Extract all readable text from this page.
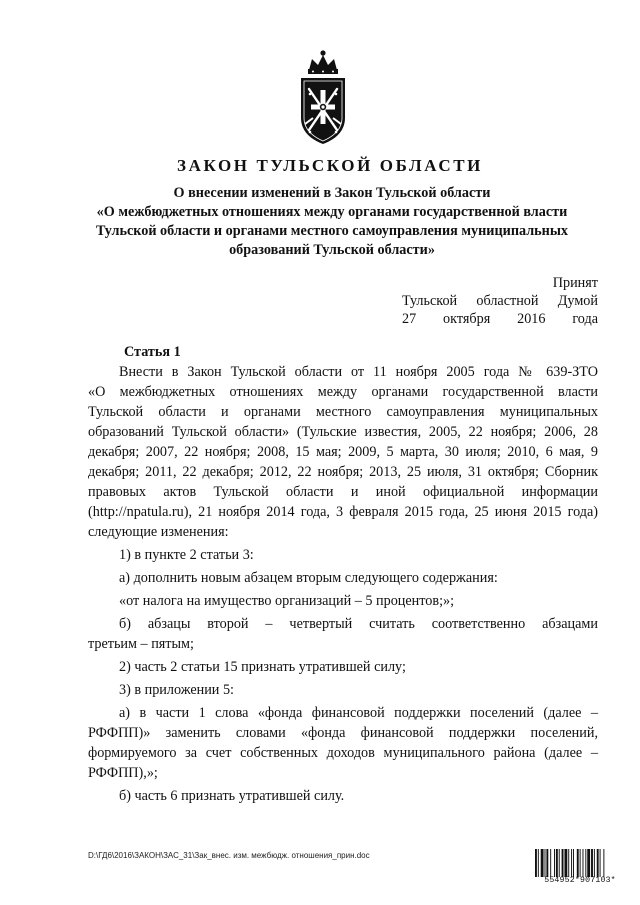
ЗАКОН ТУЛЬСКОЙ ОБЛАСТИ
О внесении изменений в Закон Тульской области
«О межбюджетных отношениях между органами государственной власти
Тульской области и органами местного самоуправления муниципальных
образований Тульской области»
Принят
Тульской областной Думой
27 октября 2016 года
Статья 1
Внести в Закон Тульской области от 11 ноября 2005 года № 639-ЗТО
«О межбюджетных отношениях между органами государственной власти
Тульской области и органами местного самоуправления муниципальных
образований Тульской области» (Тульские известия, 2005, 22 ноября; 2006, 28
декабря; 2007, 22 ноября; 2008, 15 мая; 2009, 5 марта, 30 июля; 2010, 6 мая, 9
декабря; 2011, 22 декабря; 2012, 22 ноября; 2013, 25 июля, 31 октября; Сборник
правовых актов Тульской области и иной официальной информации
(http://npatula.ru), 21 ноября 2014 года, 3 февраля 2015 года, 25 июня 2015 года)
следующие изменения:
1) в пункте 2 статьи 3:
а) дополнить новым абзацем вторым следующего содержания:
«от налога на имущество организаций – 5 процентов;»;
б) абзацы второй – четвертый считать соответственно абзацами
третьим – пятым;
2) часть 2 статьи 15 признать утратившей силу;
3) в приложении 5:
а) в части 1 слова «фонда финансовой поддержки поселений (далее –
РФФПП)» заменить словами «фонда финансовой поддержки поселений,
формируемого за счет собственных доходов муниципального района (далее –
РФФПП),»;
б) часть 6 признать утратившей силу.
D:\ГД6\2016\ЗАКОН\ЗАС_31\Зак_внес. изм. межбюдж. отношения_прин.doc
554952*907103*
